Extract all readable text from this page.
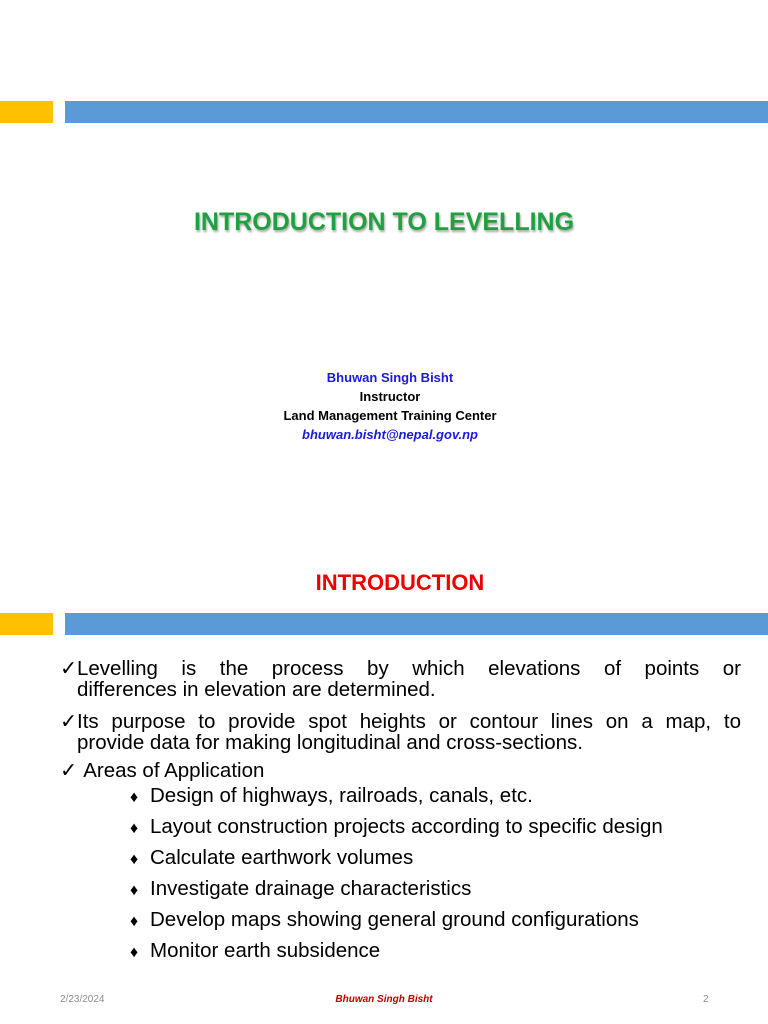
INTRODUCTION TO LEVELLING
Bhuwan Singh Bisht
Instructor
Land Management Training Center
bhuwan.bisht@nepal.gov.np
INTRODUCTION
✓ Levelling is the process by which elevations of points or
differences in elevation are determined.
✓ Its purpose to provide spot heights or contour lines on a map, to
provide data for making longitudinal and cross-sections.
✓ Areas of Application
♦ Design of highways, railroads, canals, etc.
♦ Layout construction projects according to specific design
♦ Calculate earthwork volumes
♦ Investigate drainage characteristics
♦ Develop maps showing general ground configurations
♦ Monitor earth subsidence
2/23/2024	Bhuwan Singh Bisht	2
